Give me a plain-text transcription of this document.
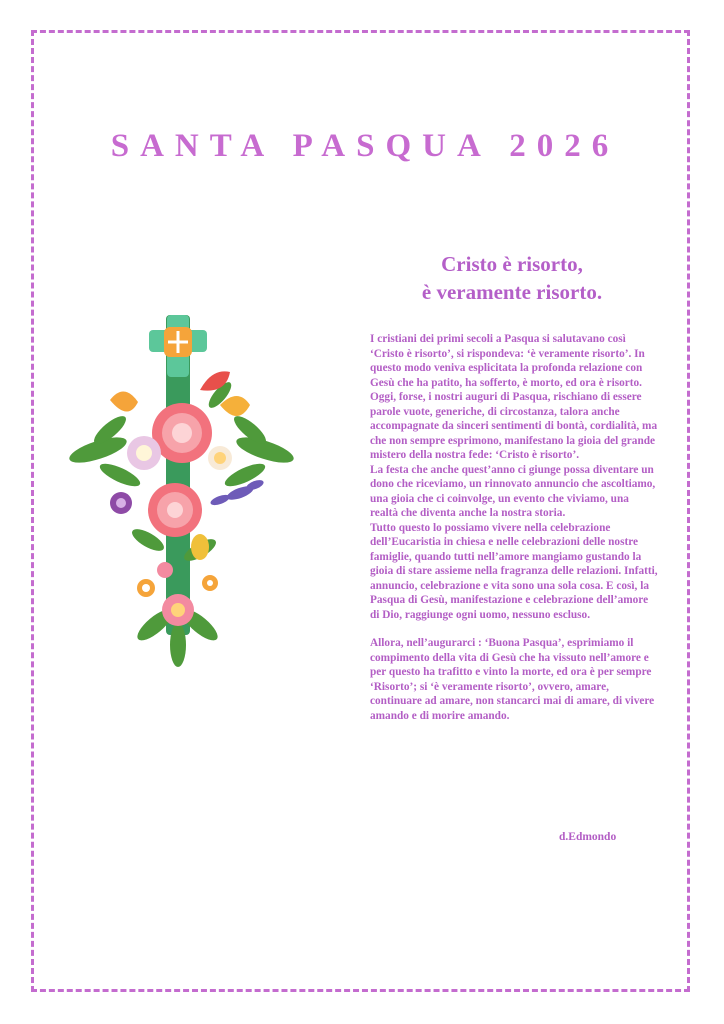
SANTA PASQUA 2026
Cristo è risorto,
è veramente risorto.

I cristiani dei primi secoli a Pasqua si salutavano così ‘Cristo è risorto’, si rispondeva: ‘è veramente risorto’. In questo modo veniva esplicitata la profonda relazione con Gesù che ha patito, ha sofferto, è morto, ed ora è risorto. Oggi, forse, i nostri auguri di Pasqua, rischiano di essere parole vuote, generiche, di circostanza, talora anche accompagnate da sinceri sentimenti di bontà, cordialità, ma che non sempre esprimono, manifestano la gioia del grande mistero della nostra fede: ‘Cristo è risorto’.

La festa che anche quest’anno ci giunge possa diventare un dono che riceviamo, un rinnovato annuncio che ascoltiamo, una gioia che ci coinvolge, un evento che viviamo, una realtà che diventa anche la nostra storia.

Tutto questo lo possiamo vivere nella celebrazione dell’Eucaristia in chiesa e nelle celebrazioni delle nostre famiglie, quando tutti nell’amore mangiamo gustando la gioia di stare assieme nella fragranza delle relazioni. Infatti, annuncio, celebrazione e vita sono una sola cosa. E così, la Pasqua di Gesù, manifestazione e celebrazione dell’amore di Dio, raggiunge ogni uomo, nessuno escluso.

Allora, nell’augurarci : ‘Buona Pasqua’, esprimiamo il compimento della vita di Gesù che ha vissuto nell’amore e per questo ha trafitto e vinto la morte, ed ora è per sempre ‘Risorto’; si ‘è veramente risorto’, ovvero, amare, continuare ad amare, non stancarci mai di amare, di vivere amando e di morire amando.

d.Edmondo
